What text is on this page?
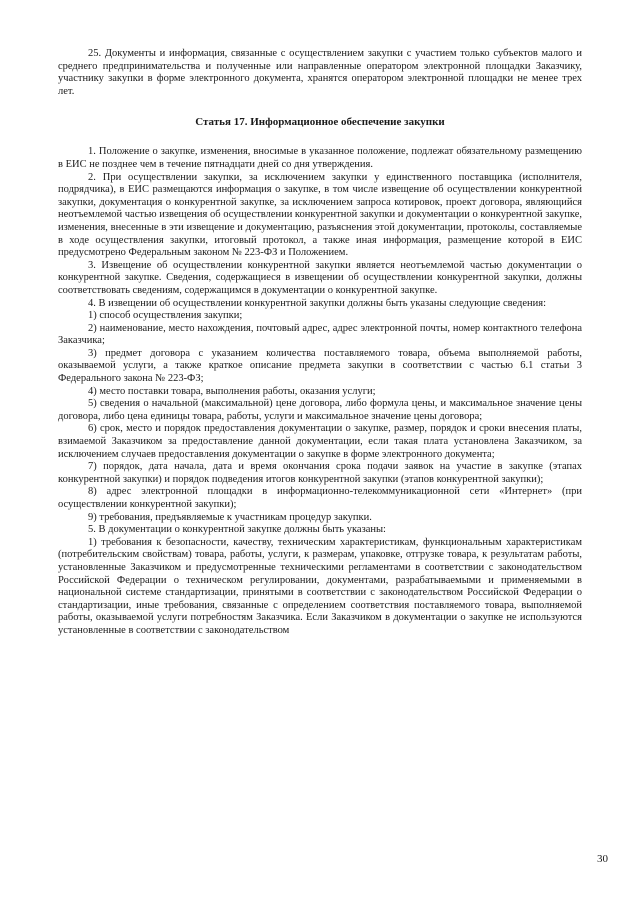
25. Документы и информация, связанные с осуществлением закупки с участием только субъектов малого и среднего предпринимательства и полученные или направленные оператором электронной площадки Заказчику, участнику закупки в форме электронного документа, хранятся оператором электронной площадки не менее трех лет.

Статья 17. Информационное обеспечение закупки

1. Положение о закупке, изменения, вносимые в указанное положение, подлежат обязательному размещению в ЕИС не позднее чем в течение пятнадцати дней со дня утверждения.

2. При осуществлении закупки, за исключением закупки у единственного поставщика (исполнителя, подрядчика), в ЕИС размещаются информация о закупке, в том числе извещение об осуществлении конкурентной закупки, документация о конкурентной закупке, за исключением запроса котировок, проект договора, являющийся неотъемлемой частью извещения об осуществлении конкурентной закупки и документации о конкурентной закупке, изменения, внесенные в эти извещение и документацию, разъяснения этой документации, протоколы, составляемые в ходе осуществления закупки, итоговый протокол, а также иная информация, размещение которой в ЕИС предусмотрено Федеральным законом № 223-ФЗ и Положением.

3. Извещение об осуществлении конкурентной закупки является неотъемлемой частью документации о конкурентной закупке. Сведения, содержащиеся в извещении об осуществлении конкурентной закупки, должны соответствовать сведениям, содержащимся в документации о конкурентной закупке.

4. В извещении об осуществлении конкурентной закупки должны быть указаны следующие сведения:

1) способ осуществления закупки;

2) наименование, место нахождения, почтовый адрес, адрес электронной почты, номер контактного телефона Заказчика;

3) предмет договора с указанием количества поставляемого товара, объема выполняемой работы, оказываемой услуги, а также краткое описание предмета закупки в соответствии с частью 6.1 статьи 3 Федерального закона № 223-ФЗ;

4) место поставки товара, выполнения работы, оказания услуги;

5) сведения о начальной (максимальной) цене договора, либо формула цены, и максимальное значение цены договора, либо цена единицы товара, работы, услуги и максимальное значение цены договора;

6) срок, место и порядок предоставления документации о закупке, размер, порядок и сроки внесения платы, взимаемой Заказчиком за предоставление данной документации, если такая плата установлена Заказчиком, за исключением случаев предоставления документации о закупке в форме электронного документа;

7) порядок, дата начала, дата и время окончания срока подачи заявок на участие в закупке (этапах конкурентной закупки) и порядок подведения итогов конкурентной закупки (этапов конкурентной закупки);

8) адрес электронной площадки в информационно-телекоммуникационной сети «Интернет» (при осуществлении конкурентной закупки);

9) требования, предъявляемые к участникам процедур закупки.

5. В документации о конкурентной закупке должны быть указаны:

1) требования к безопасности, качеству, техническим характеристикам, функциональным характеристикам (потребительским свойствам) товара, работы, услуги, к размерам, упаковке, отгрузке товара, к результатам работы, установленные Заказчиком и предусмотренные техническими регламентами в соответствии с законодательством Российской Федерации о техническом регулировании, документами, разрабатываемыми и применяемыми в национальной системе стандартизации, принятыми в соответствии с законодательством Российской Федерации о стандартизации, иные требования, связанные с определением соответствия поставляемого товара, выполняемой работы, оказываемой услуги потребностям Заказчика. Если Заказчиком в документации о закупке не используются установленные в соответствии с законодательством

30
